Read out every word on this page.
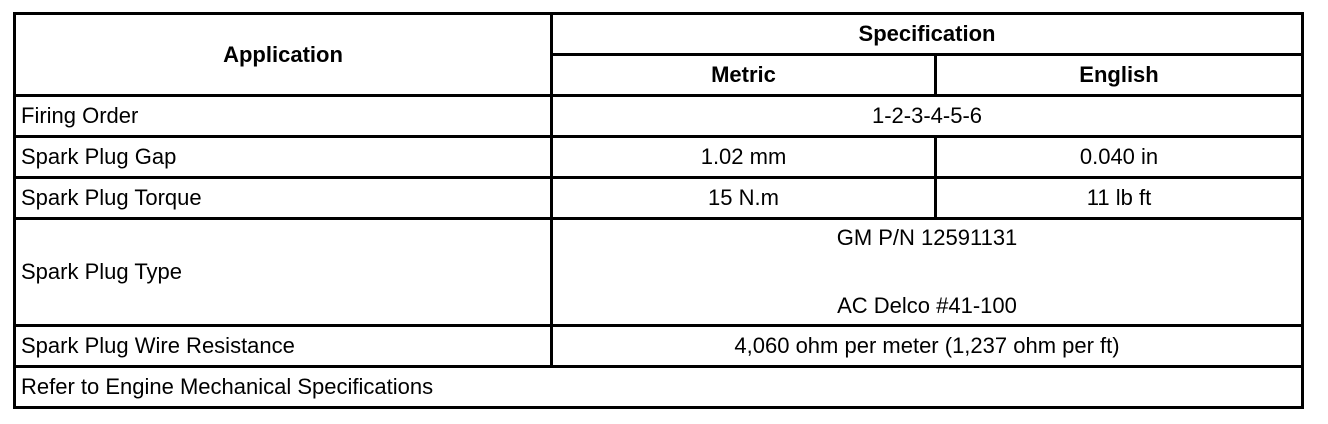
Application	Specification	
	Metric	English
Firing Order	1-2-3-4-5-6	
Spark Plug Gap	1.02 mm	0.040 in
Spark Plug Torque	15 N.m	11 lb ft
Spark Plug Type	GM P/N 12591131
AC Delco #41-100	

Spark Plug Wire Resistance	4,060 ohm per meter (1,237 ohm per ft)	
Refer to Engine Mechanical Specifications		
